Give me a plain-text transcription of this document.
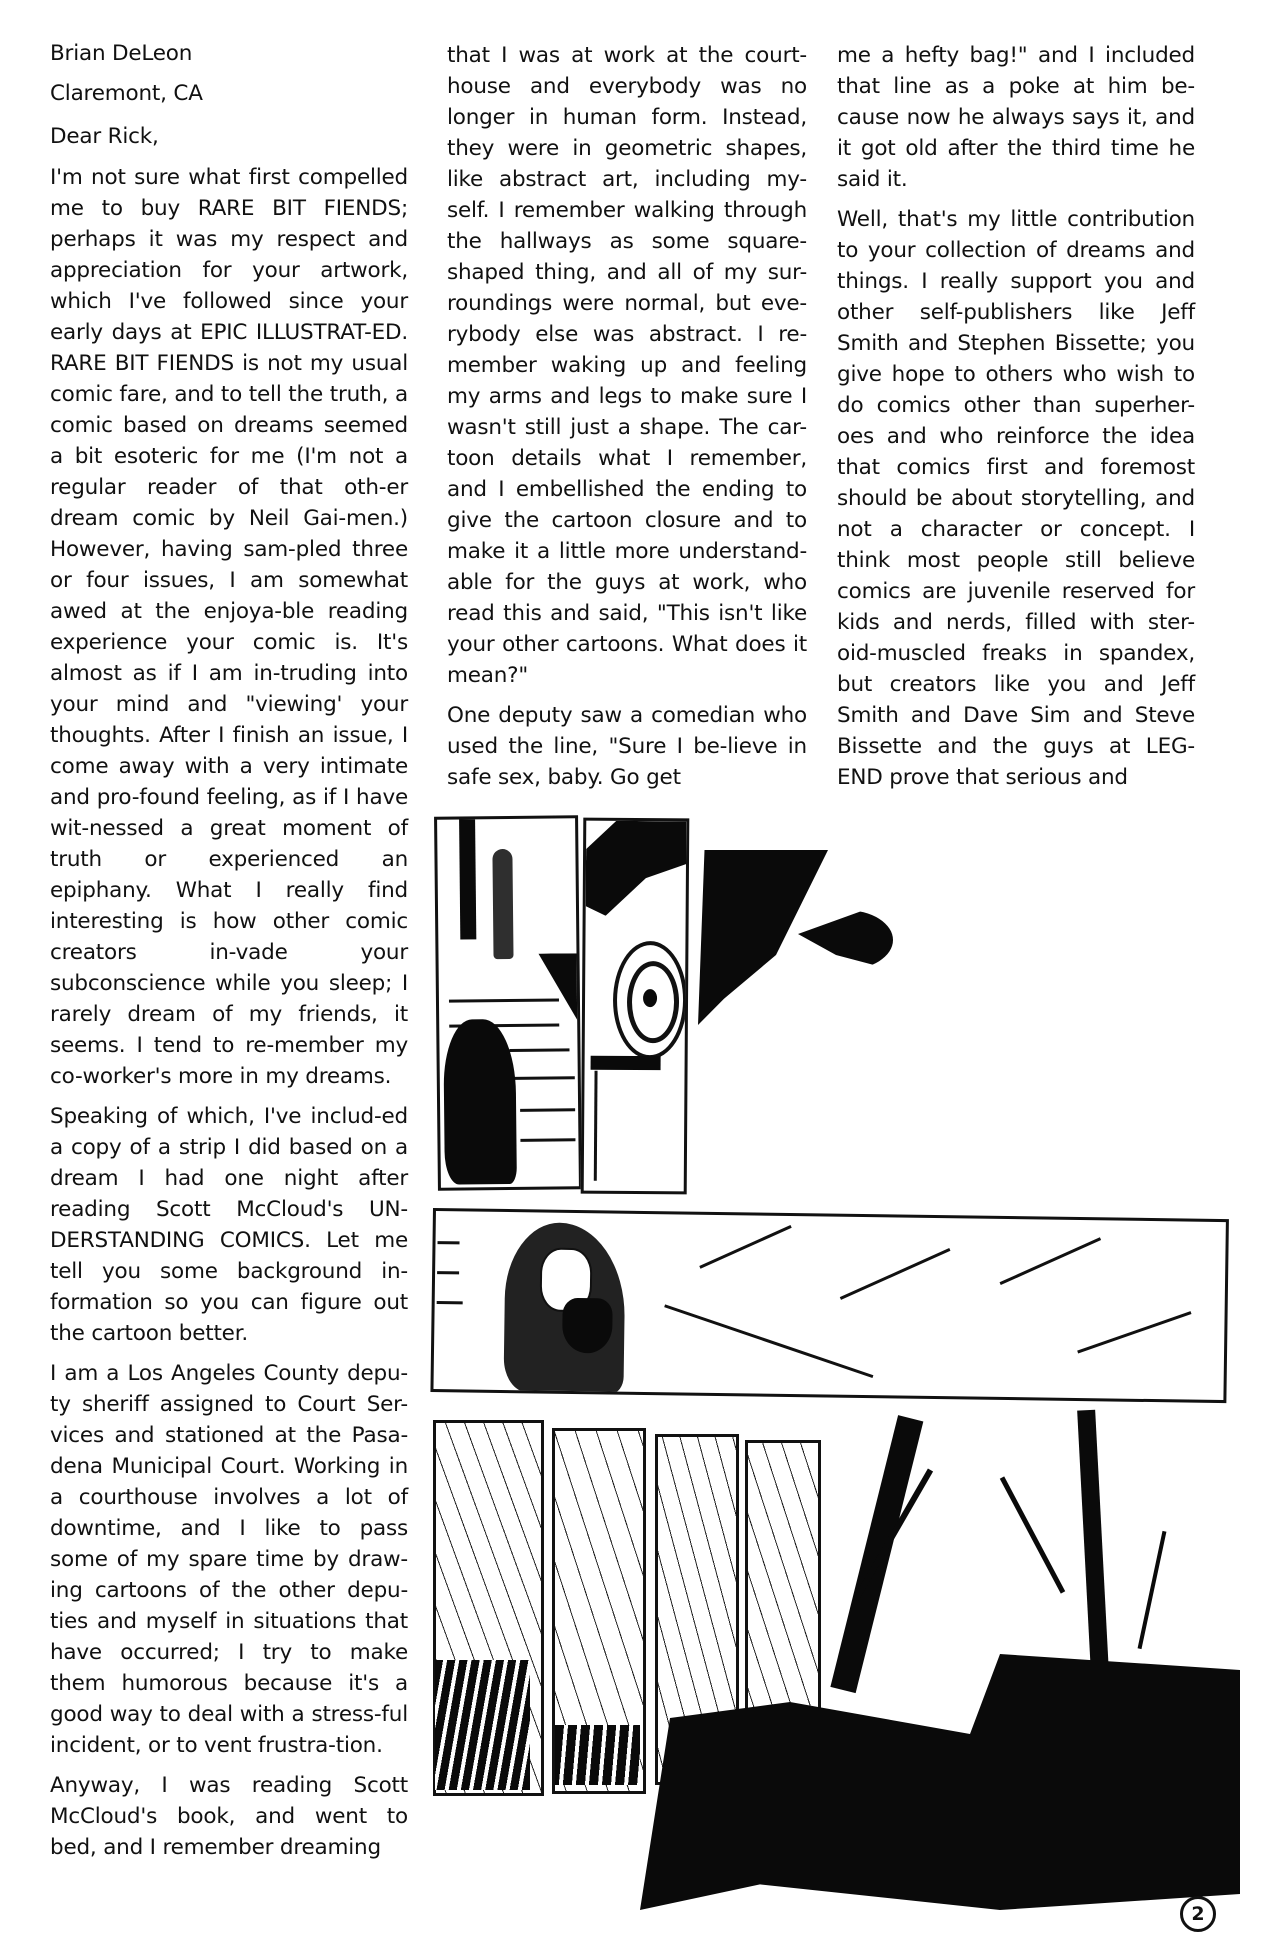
Brian DeLeon

Claremont, CA

Dear Rick,

I'm not sure what first compelled me to buy RARE BIT FIENDS; perhaps it was my respect and appreciation for your artwork, which I've followed since your early days at EPIC ILLUSTRAT-ED. RARE BIT FIENDS is not my usual comic fare, and to tell the truth, a comic based on dreams seemed a bit esoteric for me (I'm not a regular reader of that oth-er dream comic by Neil Gai-men.) However, having sam-pled three or four issues, I am somewhat awed at the enjoya-ble reading experience your comic is. It's almost as if I am in-truding into your mind and "viewing' your thoughts. After I finish an issue, I come away with a very intimate and pro-found feeling, as if I have wit-nessed a great moment of truth or experienced an epiphany. What I really find interesting is how other comic creators in-vade your subconscience while you sleep; I rarely dream of my friends, it seems. I tend to re-member my co-worker's more in my dreams.

Speaking of which, I've includ-ed a copy of a strip I did based on a dream I had one night after reading Scott McCloud's UN-DERSTANDING COMICS. Let me tell you some background in-formation so you can figure out the cartoon better.

I am a Los Angeles County depu-ty sheriff assigned to Court Ser-vices and stationed at the Pasa-dena Municipal Court. Working in a courthouse involves a lot of downtime, and I like to pass some of my spare time by draw-ing cartoons of the other depu-ties and myself in situations that have occurred; I try to make them humorous because it's a good way to deal with a stress-ful incident, or to vent frustra-tion.

Anyway, I was reading Scott McCloud's book, and went to bed, and I remember dreaming

that I was at work at the court-house and everybody was no longer in human form. Instead, they were in geometric shapes, like abstract art, including my-self. I remember walking through the hallways as some square-shaped thing, and all of my sur-roundings were normal, but eve-rybody else was abstract. I re-member waking up and feeling my arms and legs to make sure I wasn't still just a shape. The car-toon details what I remember, and I embellished the ending to give the cartoon closure and to make it a little more understand-able for the guys at work, who read this and said, "This isn't like your other cartoons. What does it mean?"

One deputy saw a comedian who used the line, "Sure I be-lieve in safe sex, baby. Go get

me a hefty bag!" and I included that line as a poke at him be-cause now he always says it, and it got old after the third time he said it.

Well, that's my little contribution to your collection of dreams and things. I really support you and other self-publishers like Jeff Smith and Stephen Bissette; you give hope to others who wish to do comics other than superher-oes and who reinforce the idea that comics first and foremost should be about storytelling, and not a character or concept. I think most people still believe comics are juvenile reserved for kids and nerds, filled with ster-oid-muscled freaks in spandex, but creators like you and Jeff Smith and Dave Sim and Steve Bissette and the guys at LEG-END prove that serious and

2
